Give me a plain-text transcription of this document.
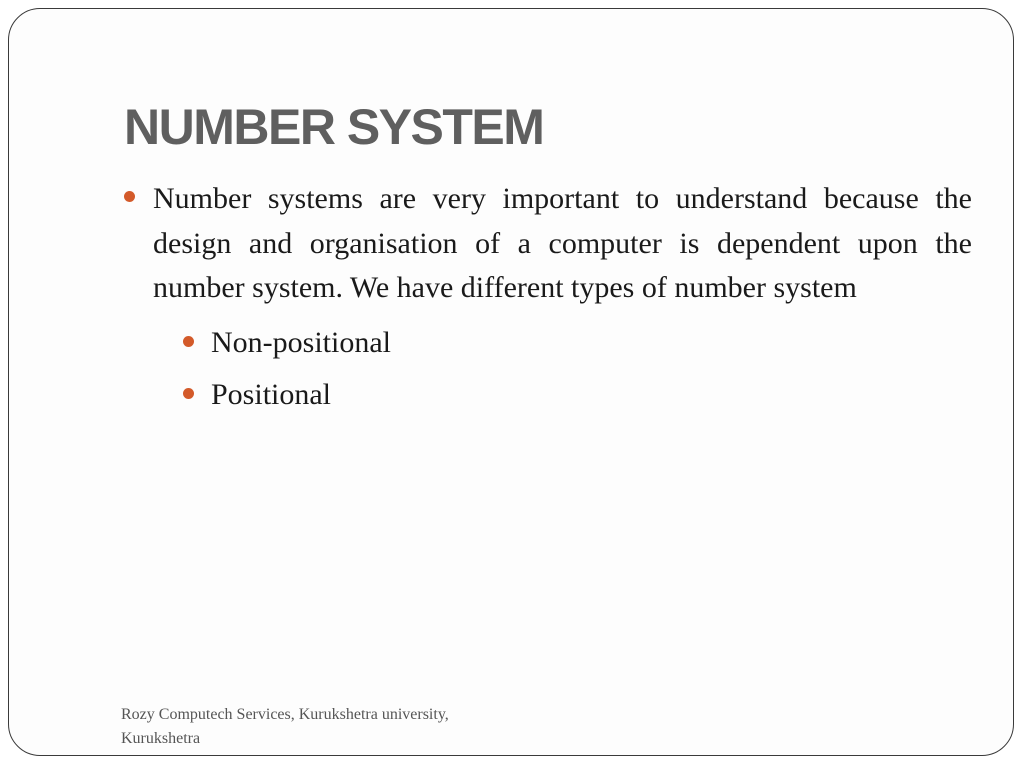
NUMBER SYSTEM

Number systems are very important to understand because the design and organisation of a computer is dependent upon the number system. We have different types of number system

Non-positional
Positional
Rozy Computech Services, Kurukshetra university, Kurukshetra
